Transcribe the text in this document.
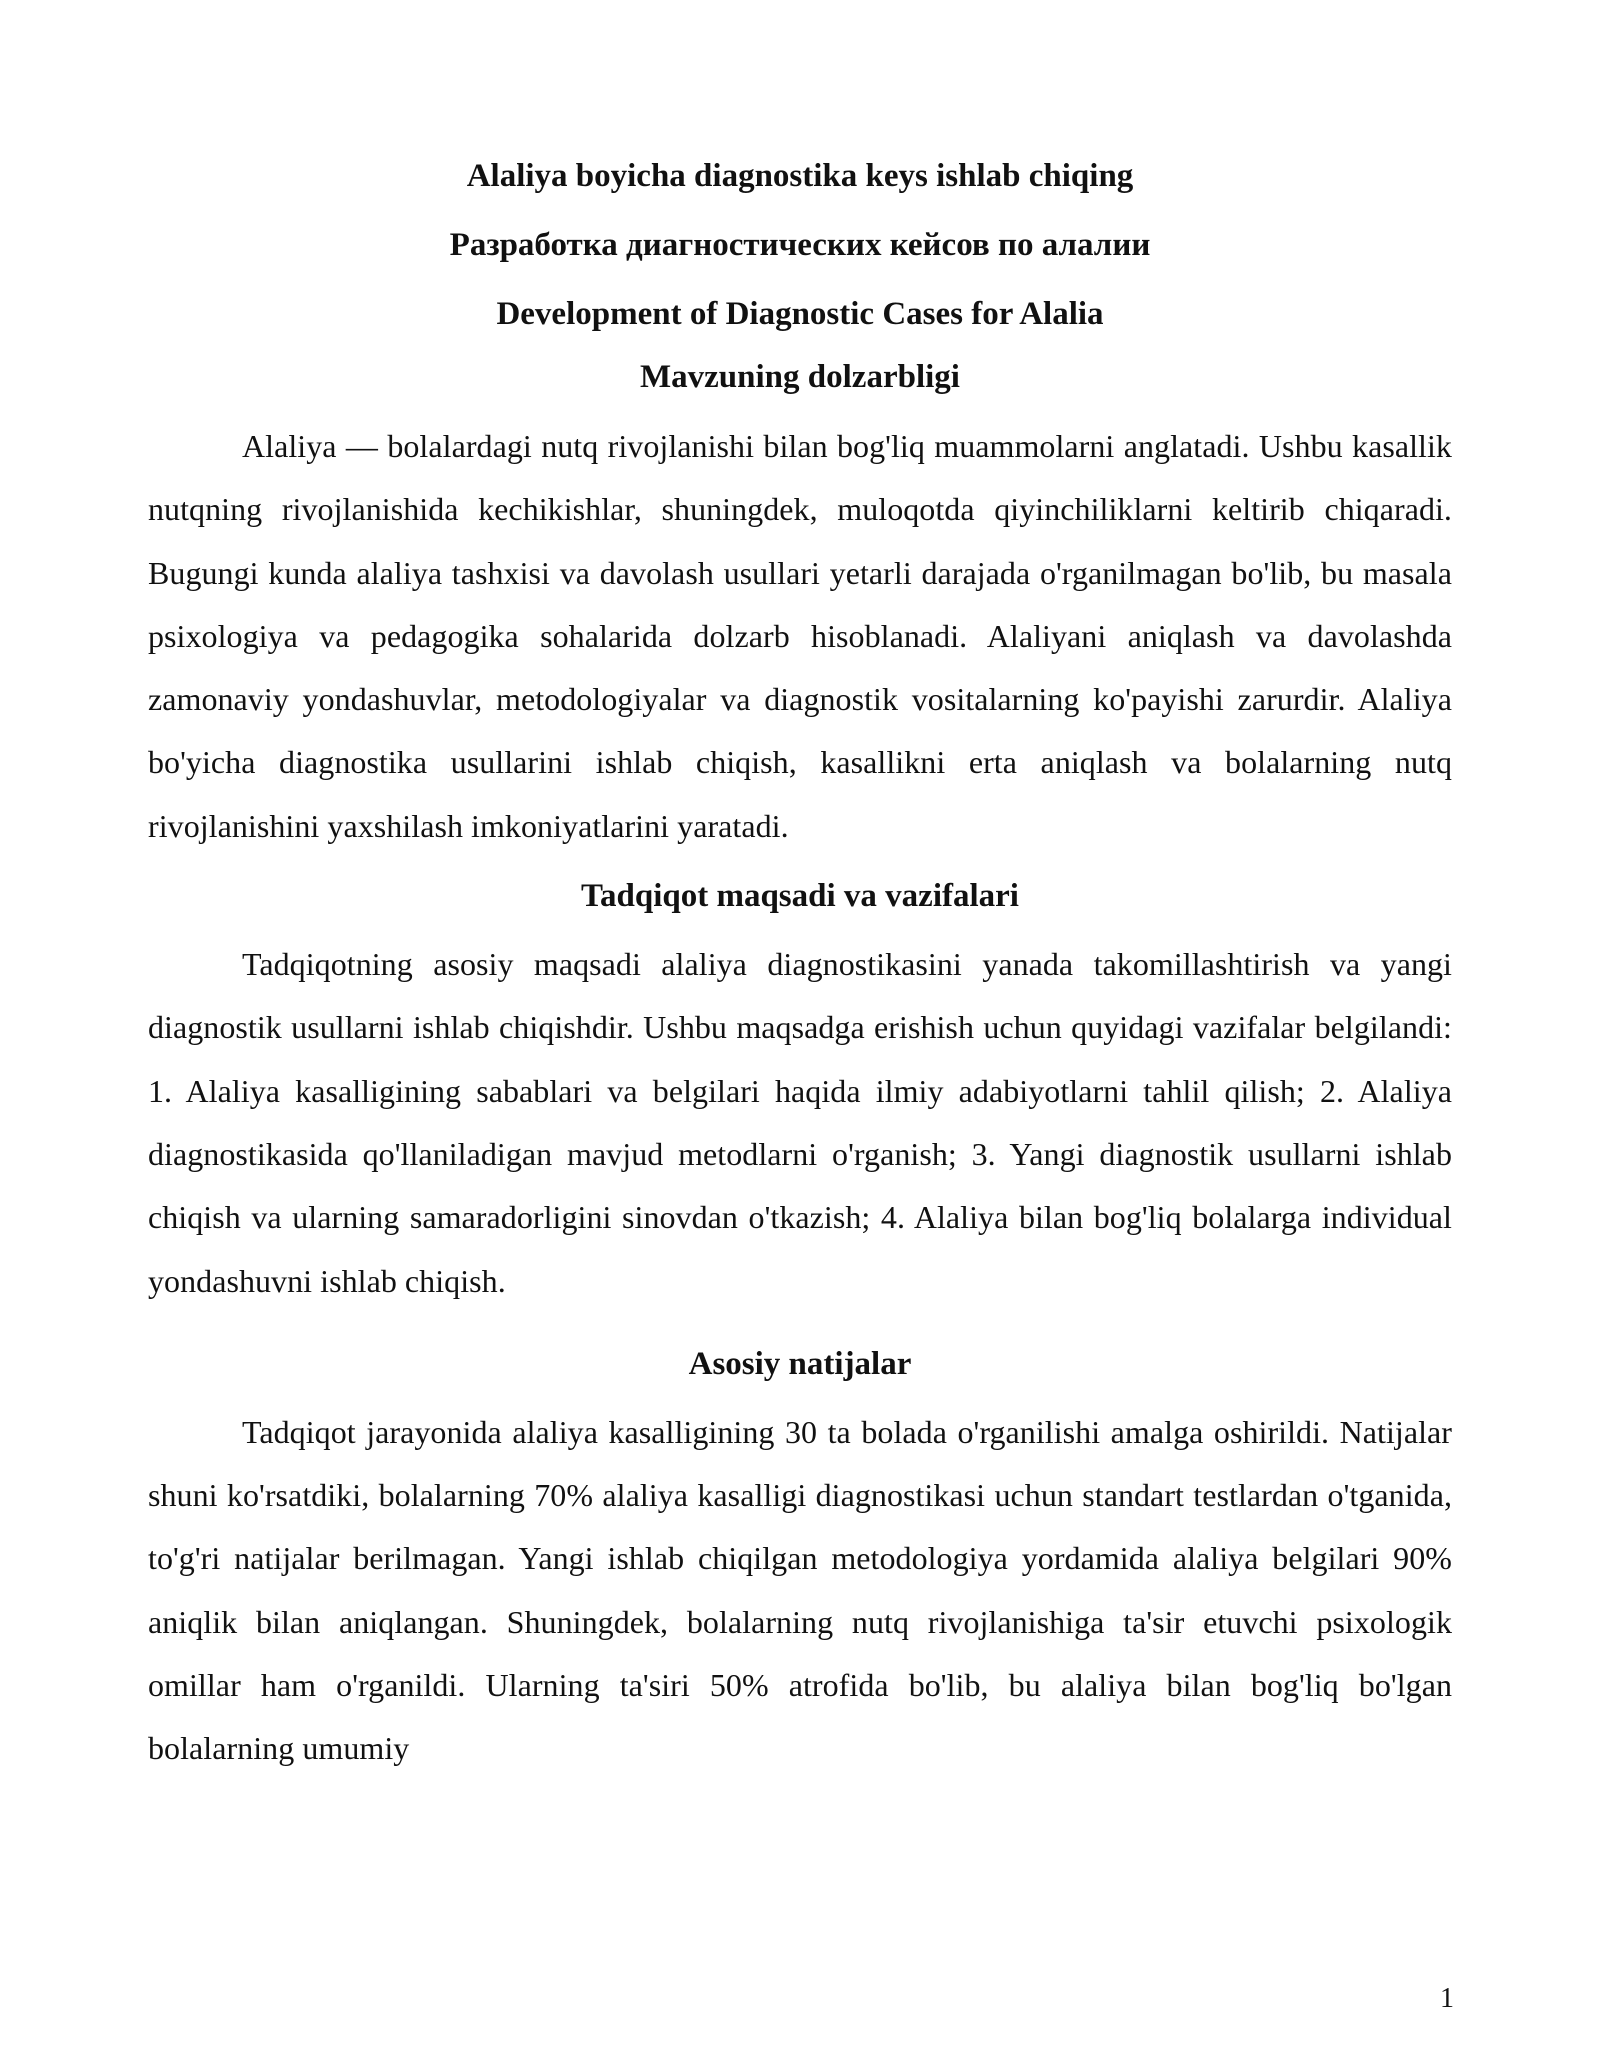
Alaliya boyicha diagnostika keys ishlab chiqing
Разработка диагностических кейсов по алалии
Development of Diagnostic Cases for Alalia
Mavzuning dolzarbligi

Alaliya — bolalardagi nutq rivojlanishi bilan bog'liq muammolarni anglatadi. Ushbu kasallik nutqning rivojlanishida kechikishlar, shuningdek, muloqotda qiyinchiliklarni keltirib chiqaradi. Bugungi kunda alaliya tashxisi va davolash usullari yetarli darajada o'rganilmagan bo'lib, bu masala psixologiya va pedagogika sohalarida dolzarb hisoblanadi. Alaliyani aniqlash va davolashda zamonaviy yondashuvlar, metodologiyalar va diagnostik vositalarning ko'payishi zarurdir. Alaliya bo'yicha diagnostika usullarini ishlab chiqish, kasallikni erta aniqlash va bolalarning nutq rivojlanishini yaxshilash imkoniyatlarini yaratadi.

Tadqiqot maqsadi va vazifalari

Tadqiqotning asosiy maqsadi alaliya diagnostikasini yanada takomillashtirish va yangi diagnostik usullarni ishlab chiqishdir. Ushbu maqsadga erishish uchun quyidagi vazifalar belgilandi: 1. Alaliya kasalligining sabablari va belgilari haqida ilmiy adabiyotlarni tahlil qilish; 2. Alaliya diagnostikasida qo'llaniladigan mavjud metodlarni o'rganish; 3. Yangi diagnostik usullarni ishlab chiqish va ularning samaradorligini sinovdan o'tkazish; 4. Alaliya bilan bog'liq bolalarga individual yondashuvni ishlab chiqish.

Asosiy natijalar

Tadqiqot jarayonida alaliya kasalligining 30 ta bolada o'rganilishi amalga oshirildi. Natijalar shuni ko'rsatdiki, bolalarning 70% alaliya kasalligi diagnostikasi uchun standart testlardan o'tganida, to'g'ri natijalar berilmagan. Yangi ishlab chiqilgan metodologiya yordamida alaliya belgilari 90% aniqlik bilan aniqlangan. Shuningdek, bolalarning nutq rivojlanishiga ta'sir etuvchi psixologik omillar ham o'rganildi. Ularning ta'siri 50% atrofida bo'lib, bu alaliya bilan bog'liq bo'lgan bolalarning umumiy

1
